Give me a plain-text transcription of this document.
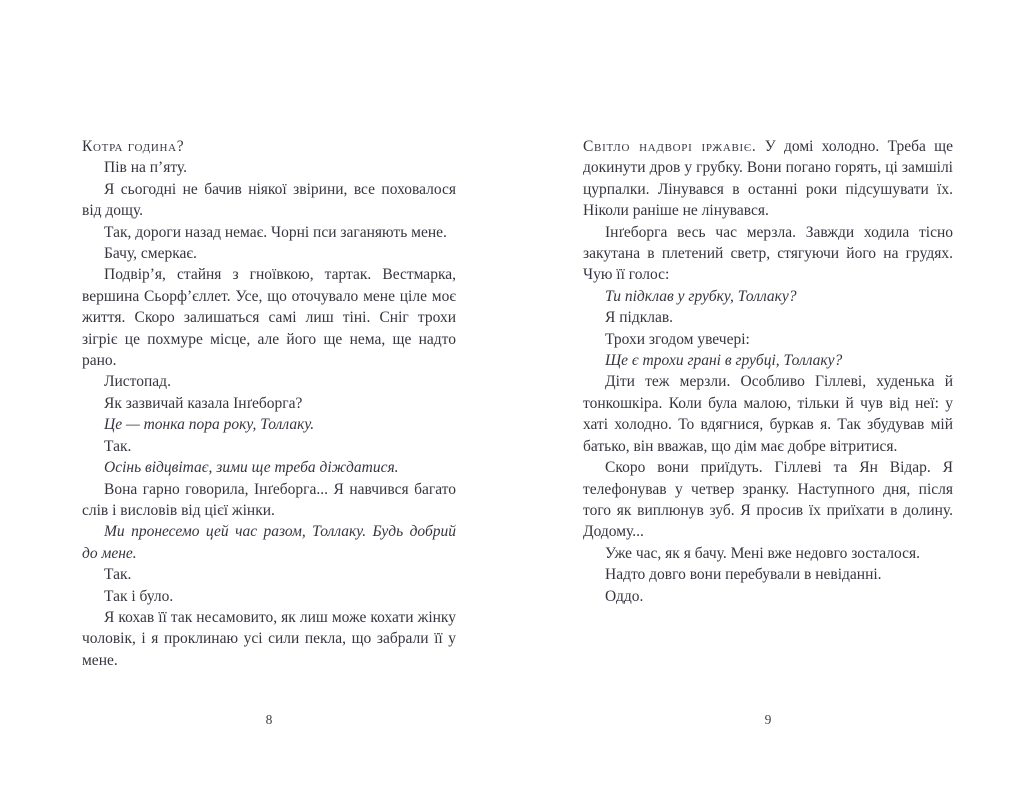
Котра година?

Пів на п’яту.

Я сьогодні не бачив ніякої звірини, все поховалося від дощу.

Так, дороги назад немає. Чорні пси заганяють мене.

Бачу, смеркає.

Подвір’я, стайня з гноївкою, тартак. Вестмарка, вершина Сьорф’єллет. Усе, що оточувало мене ціле моє життя. Скоро залишаться самі лиш тіні. Сніг трохи зігріє це похмуре місце, але його ще нема, ще надто рано.

Листопад.

Як зазвичай казала Інґеборга?

Це — тонка пора року, Толлаку.

Так.

Осінь відцвітає, зими ще треба діждатися.

Вона гарно говорила, Інґеборга... Я навчився багато слів і висловів від цієї жінки.

Ми пронесемо цей час разом, Толлаку. Будь добрий до мене.

Так.

Так і було.

Я кохав її так несамовито, як лиш може кохати жінку чоловік, і я проклинаю усі сили пекла, що забрали її у мене.

8

Світло надворі іржавіє. У домі холодно. Треба ще докинути дров у грубку. Вони погано горять, ці замшілі цурпалки. Лінувався в останні роки підсушувати їх. Ніколи раніше не лінувався.

Інґеборга весь час мерзла. Завжди ходила тісно закутана в плетений светр, стягуючи його на грудях. Чую її голос:

Ти підклав у грубку, Толлаку?

Я підклав.

Трохи згодом увечері:

Ще є трохи грані в грубці, Толлаку?

Діти теж мерзли. Особливо Гіллеві, худенька й тонкошкіра. Коли була малою, тільки й чув від неї: у хаті холодно. То вдягнися, буркав я. Так збудував мій батько, він вважав, що дім має добре вітритися.

Скоро вони приїдуть. Гіллеві та Ян Відар. Я телефонував у четвер зранку. Наступного дня, після того як виплюнув зуб. Я просив їх приїхати в долину. Додому...

Уже час, як я бачу. Мені вже недовго зосталося.

Надто довго вони перебували в невіданні.

Оддо.

9
